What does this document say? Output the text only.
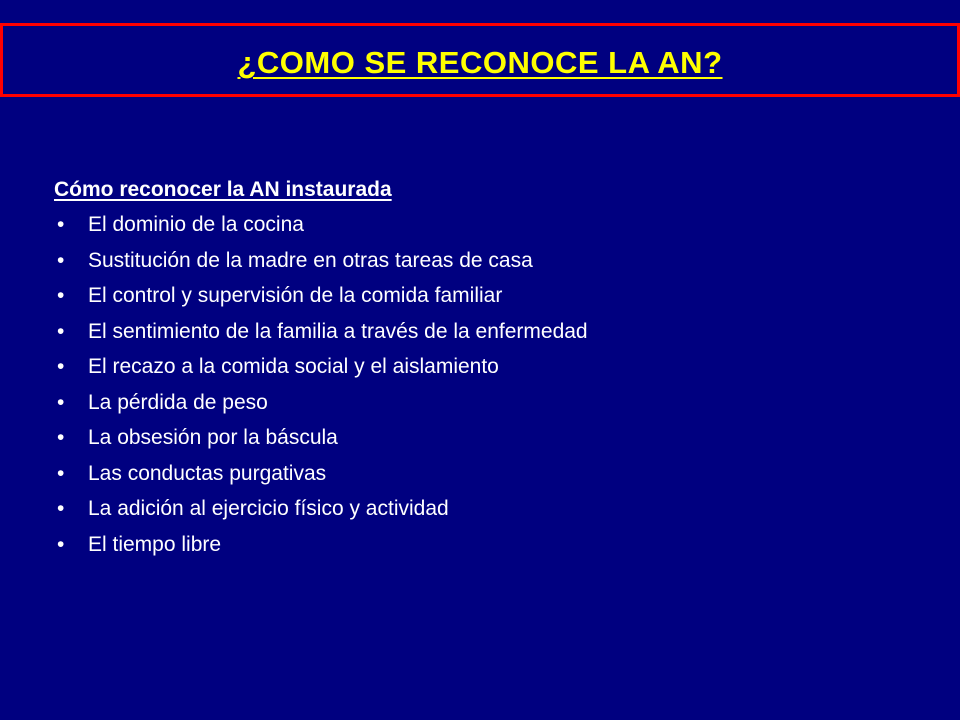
¿COMO SE RECONOCE LA AN?
Cómo reconocer la AN instaurada
• El dominio de la cocina
• Sustitución de la madre en otras tareas de casa
• El control y supervisión de la comida familiar
• El sentimiento de la familia a través de la enfermedad
• El recazo a la comida social y el aislamiento
• La pérdida de peso
• La obsesión por la báscula
• Las conductas purgativas
• La adición al ejercicio físico y actividad
• El tiempo libre
